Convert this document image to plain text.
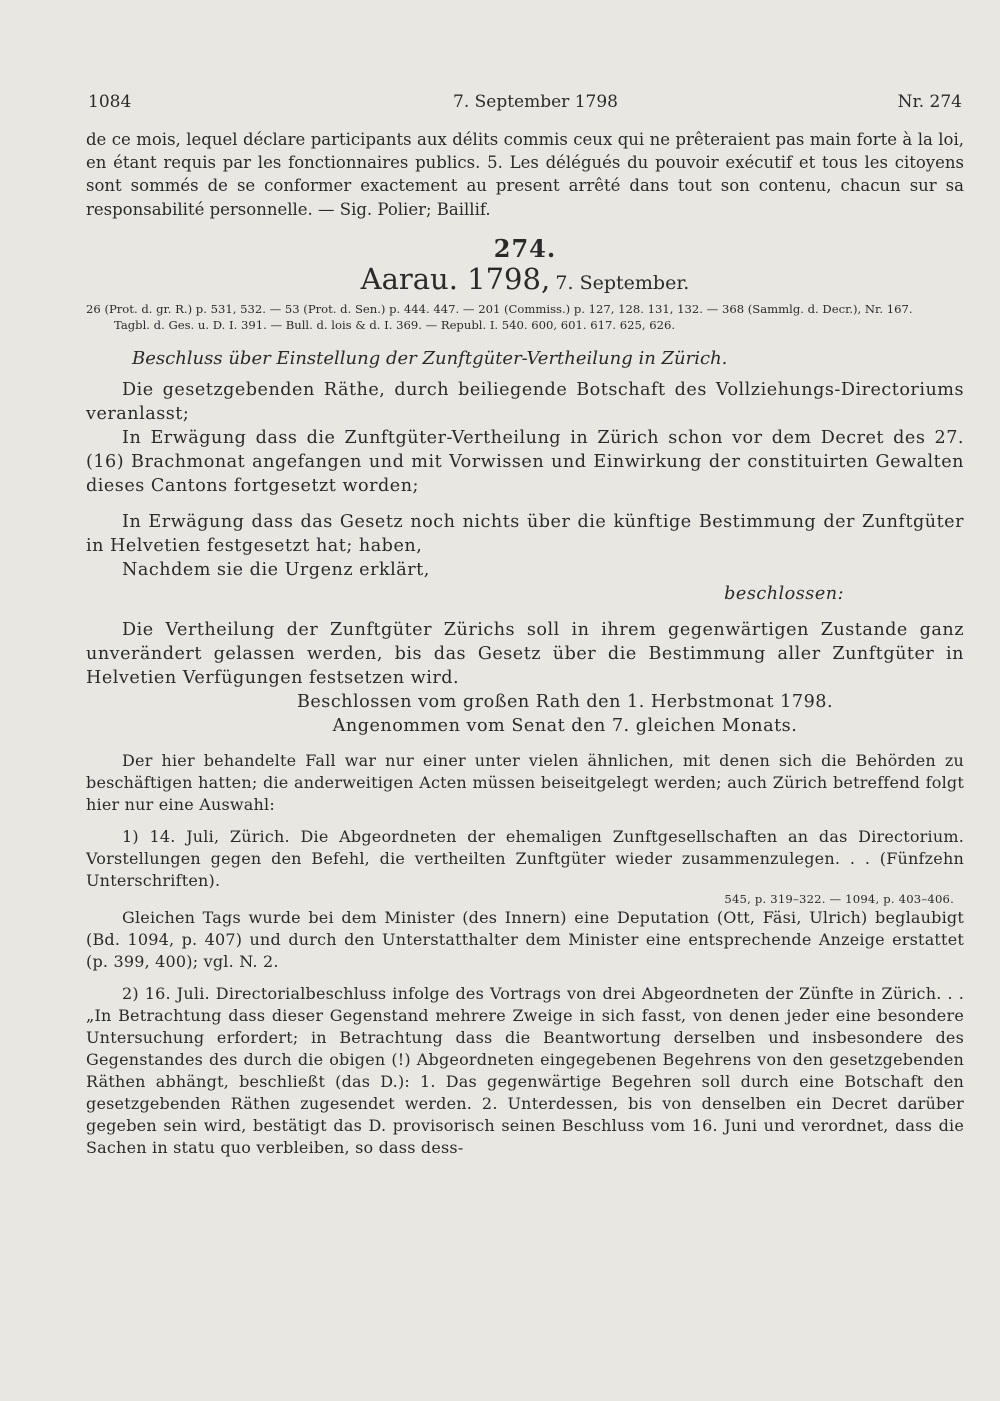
1084	7. September 1798	Nr. 274

de ce mois, lequel déclare participants aux délits commis ceux qui ne prêteraient pas main forte à la loi, en étant requis par les fonctionnaires publics. 5. Les délégués du pouvoir exécutif et tous les citoyens sont sommés de se conformer exactement au present arrêté dans tout son contenu, chacun sur sa responsabilité personnelle. — Sig. Polier; Baillif.

274.
Aarau. 1798, 7. September.
26 (Prot. d. gr. R.) p. 531, 532. — 53 (Prot. d. Sen.) p. 444. 447. — 201 (Commiss.) p. 127, 128. 131, 132. — 368 (Sammlg. d. Decr.), Nr. 167.
Tagbl. d. Ges. u. D. I. 391. — Bull. d. lois & d. I. 369. — Republ. I. 540. 600, 601. 617. 625, 626.
Beschluss über Einstellung der Zunftgüter-Vertheilung in Zürich.

Die gesetzgebenden Räthe, durch beiliegende Botschaft des Vollziehungs-Directoriums veranlasst;

In Erwägung dass die Zunftgüter-Vertheilung in Zürich schon vor dem Decret des 27. (16) Brachmonat angefangen und mit Vorwissen und Einwirkung der constituirten Gewalten dieses Cantons fortgesetzt worden;

In Erwägung dass das Gesetz noch nichts über die künftige Bestimmung der Zunftgüter in Helvetien festgesetzt hat; haben,

Nachdem sie die Urgenz erklärt,

beschlossen:

Die Vertheilung der Zunftgüter Zürichs soll in ihrem gegenwärtigen Zustande ganz unverändert gelassen werden, bis das Gesetz über die Bestimmung aller Zunftgüter in Helvetien Verfügungen festsetzen wird.

Beschlossen vom großen Rath den 1. Herbstmonat 1798.

Angenommen vom Senat den 7. gleichen Monats.

Der hier behandelte Fall war nur einer unter vielen ähnlichen, mit denen sich die Behörden zu beschäftigen hatten; die anderweitigen Acten müssen beiseitgelegt werden; auch Zürich betreffend folgt hier nur eine Auswahl:

1) 14. Juli, Zürich. Die Abgeordneten der ehemaligen Zunftgesellschaften an das Directorium. Vorstellungen gegen den Befehl, die vertheilten Zunftgüter wieder zusammenzulegen. . . (Fünfzehn Unterschriften).

545, p. 319–322. — 1094, p. 403–406.

Gleichen Tags wurde bei dem Minister (des Innern) eine Deputation (Ott, Fäsi, Ulrich) beglaubigt (Bd. 1094, p. 407) und durch den Unterstatthalter dem Minister eine entsprechende Anzeige erstattet (p. 399, 400); vgl. N. 2.

2) 16. Juli. Directorialbeschluss infolge des Vortrags von drei Abgeordneten der Zünfte in Zürich. . . „In Betrachtung dass dieser Gegenstand mehrere Zweige in sich fasst, von denen jeder eine besondere Untersuchung erfordert; in Betrachtung dass die Beantwortung derselben und insbesondere des Gegenstandes des durch die obigen (!) Abgeordneten eingegebenen Begehrens von den gesetzgebenden Räthen abhängt, beschließt (das D.): 1. Das gegenwärtige Begehren soll durch eine Botschaft den gesetzgebenden Räthen zugesendet werden. 2. Unterdessen, bis von denselben ein Decret darüber gegeben sein wird, bestätigt das D. provisorisch seinen Beschluss vom 16. Juni und verordnet, dass die Sachen in statu quo verbleiben, so dass dess-
